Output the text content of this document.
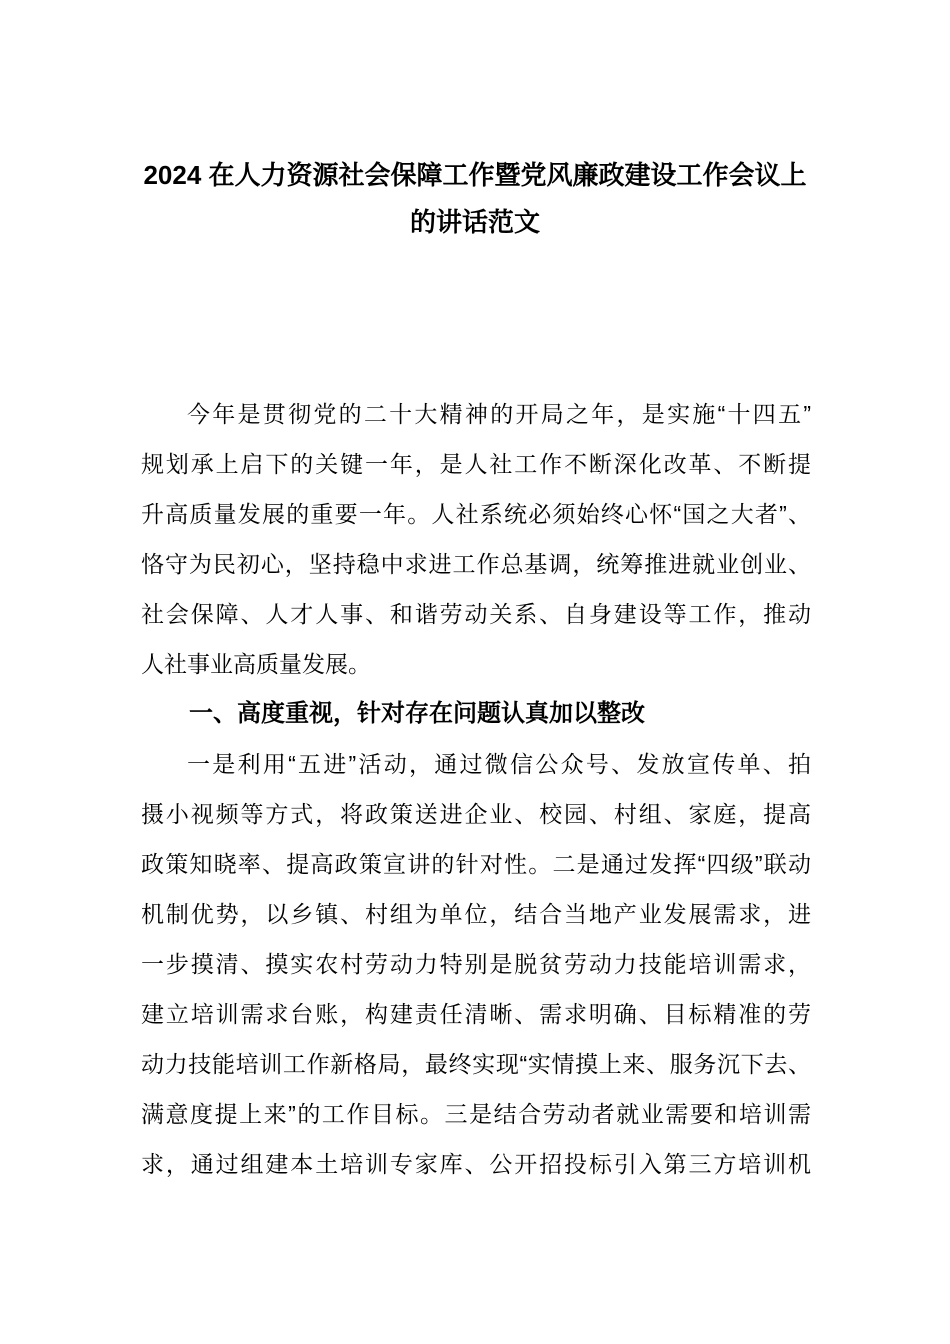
2024 在人力资源社会保障工作暨党风廉政建设工作会议上
的讲话范文
今年是贯彻党的二十大精神的开局之年，是实施“十四五”
规划承上启下的关键一年，是人社工作不断深化改革、不断提
升高质量发展的重要一年。人社系统必须始终心怀“国之大者”、
恪守为民初心，坚持稳中求进工作总基调，统筹推进就业创业、
社会保障、人才人事、和谐劳动关系、自身建设等工作，推动
人社事业高质量发展。
一、高度重视，针对存在问题认真加以整改
一是利用“五进”活动，通过微信公众号、发放宣传单、拍
摄小视频等方式，将政策送进企业、校园、村组、家庭，提高
政策知晓率、提高政策宣讲的针对性。二是通过发挥“四级”联动
机制优势，以乡镇、村组为单位，结合当地产业发展需求，进
一步摸清、摸实农村劳动力特别是脱贫劳动力技能培训需求，
建立培训需求台账，构建责任清晰、需求明确、目标精准的劳
动力技能培训工作新格局，最终实现“实情摸上来、服务沉下去、
满意度提上来”的工作目标。三是结合劳动者就业需要和培训需
求，通过组建本土培训专家库、公开招投标引入第三方培训机
